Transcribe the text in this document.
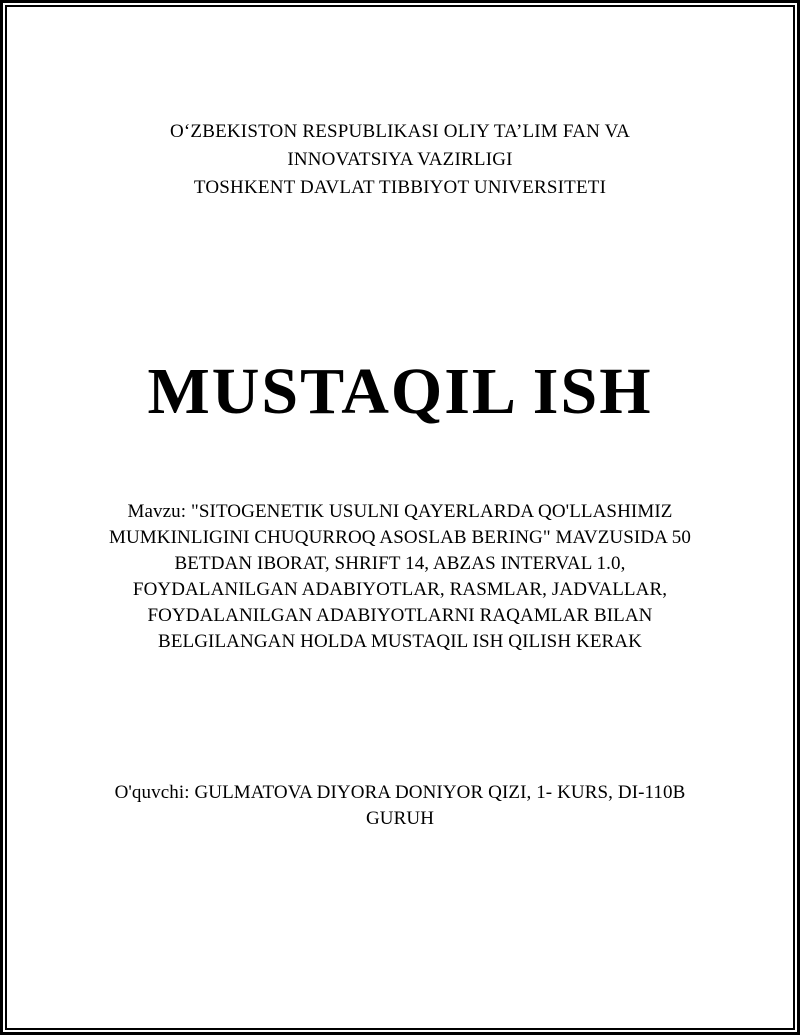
O‘ZBEKISTON RESPUBLIKASI OLIY TA’LIM FAN VA
INNOVATSIYA VAZIRLIGI
TOSHKENT DAVLAT TIBBIYOT UNIVERSITETI
MUSTAQIL ISH
Mavzu: "SITOGENETIK USULNI QAYERLARDA QO'LLASHIMIZ
MUMKINLIGINI CHUQURROQ ASOSLAB BERING" MAVZUSIDA 50
BETDAN IBORAT, SHRIFT 14, ABZAS INTERVAL 1.0,
FOYDALANILGAN ADABIYOTLAR, RASMLAR, JADVALLAR,
FOYDALANILGAN ADABIYOTLARNI RAQAMLAR BILAN
BELGILANGAN HOLDA MUSTAQIL ISH QILISH KERAK
O'quvchi: GULMATOVA DIYORA DONIYOR QIZI, 1- KURS, DI-110B
GURUH
